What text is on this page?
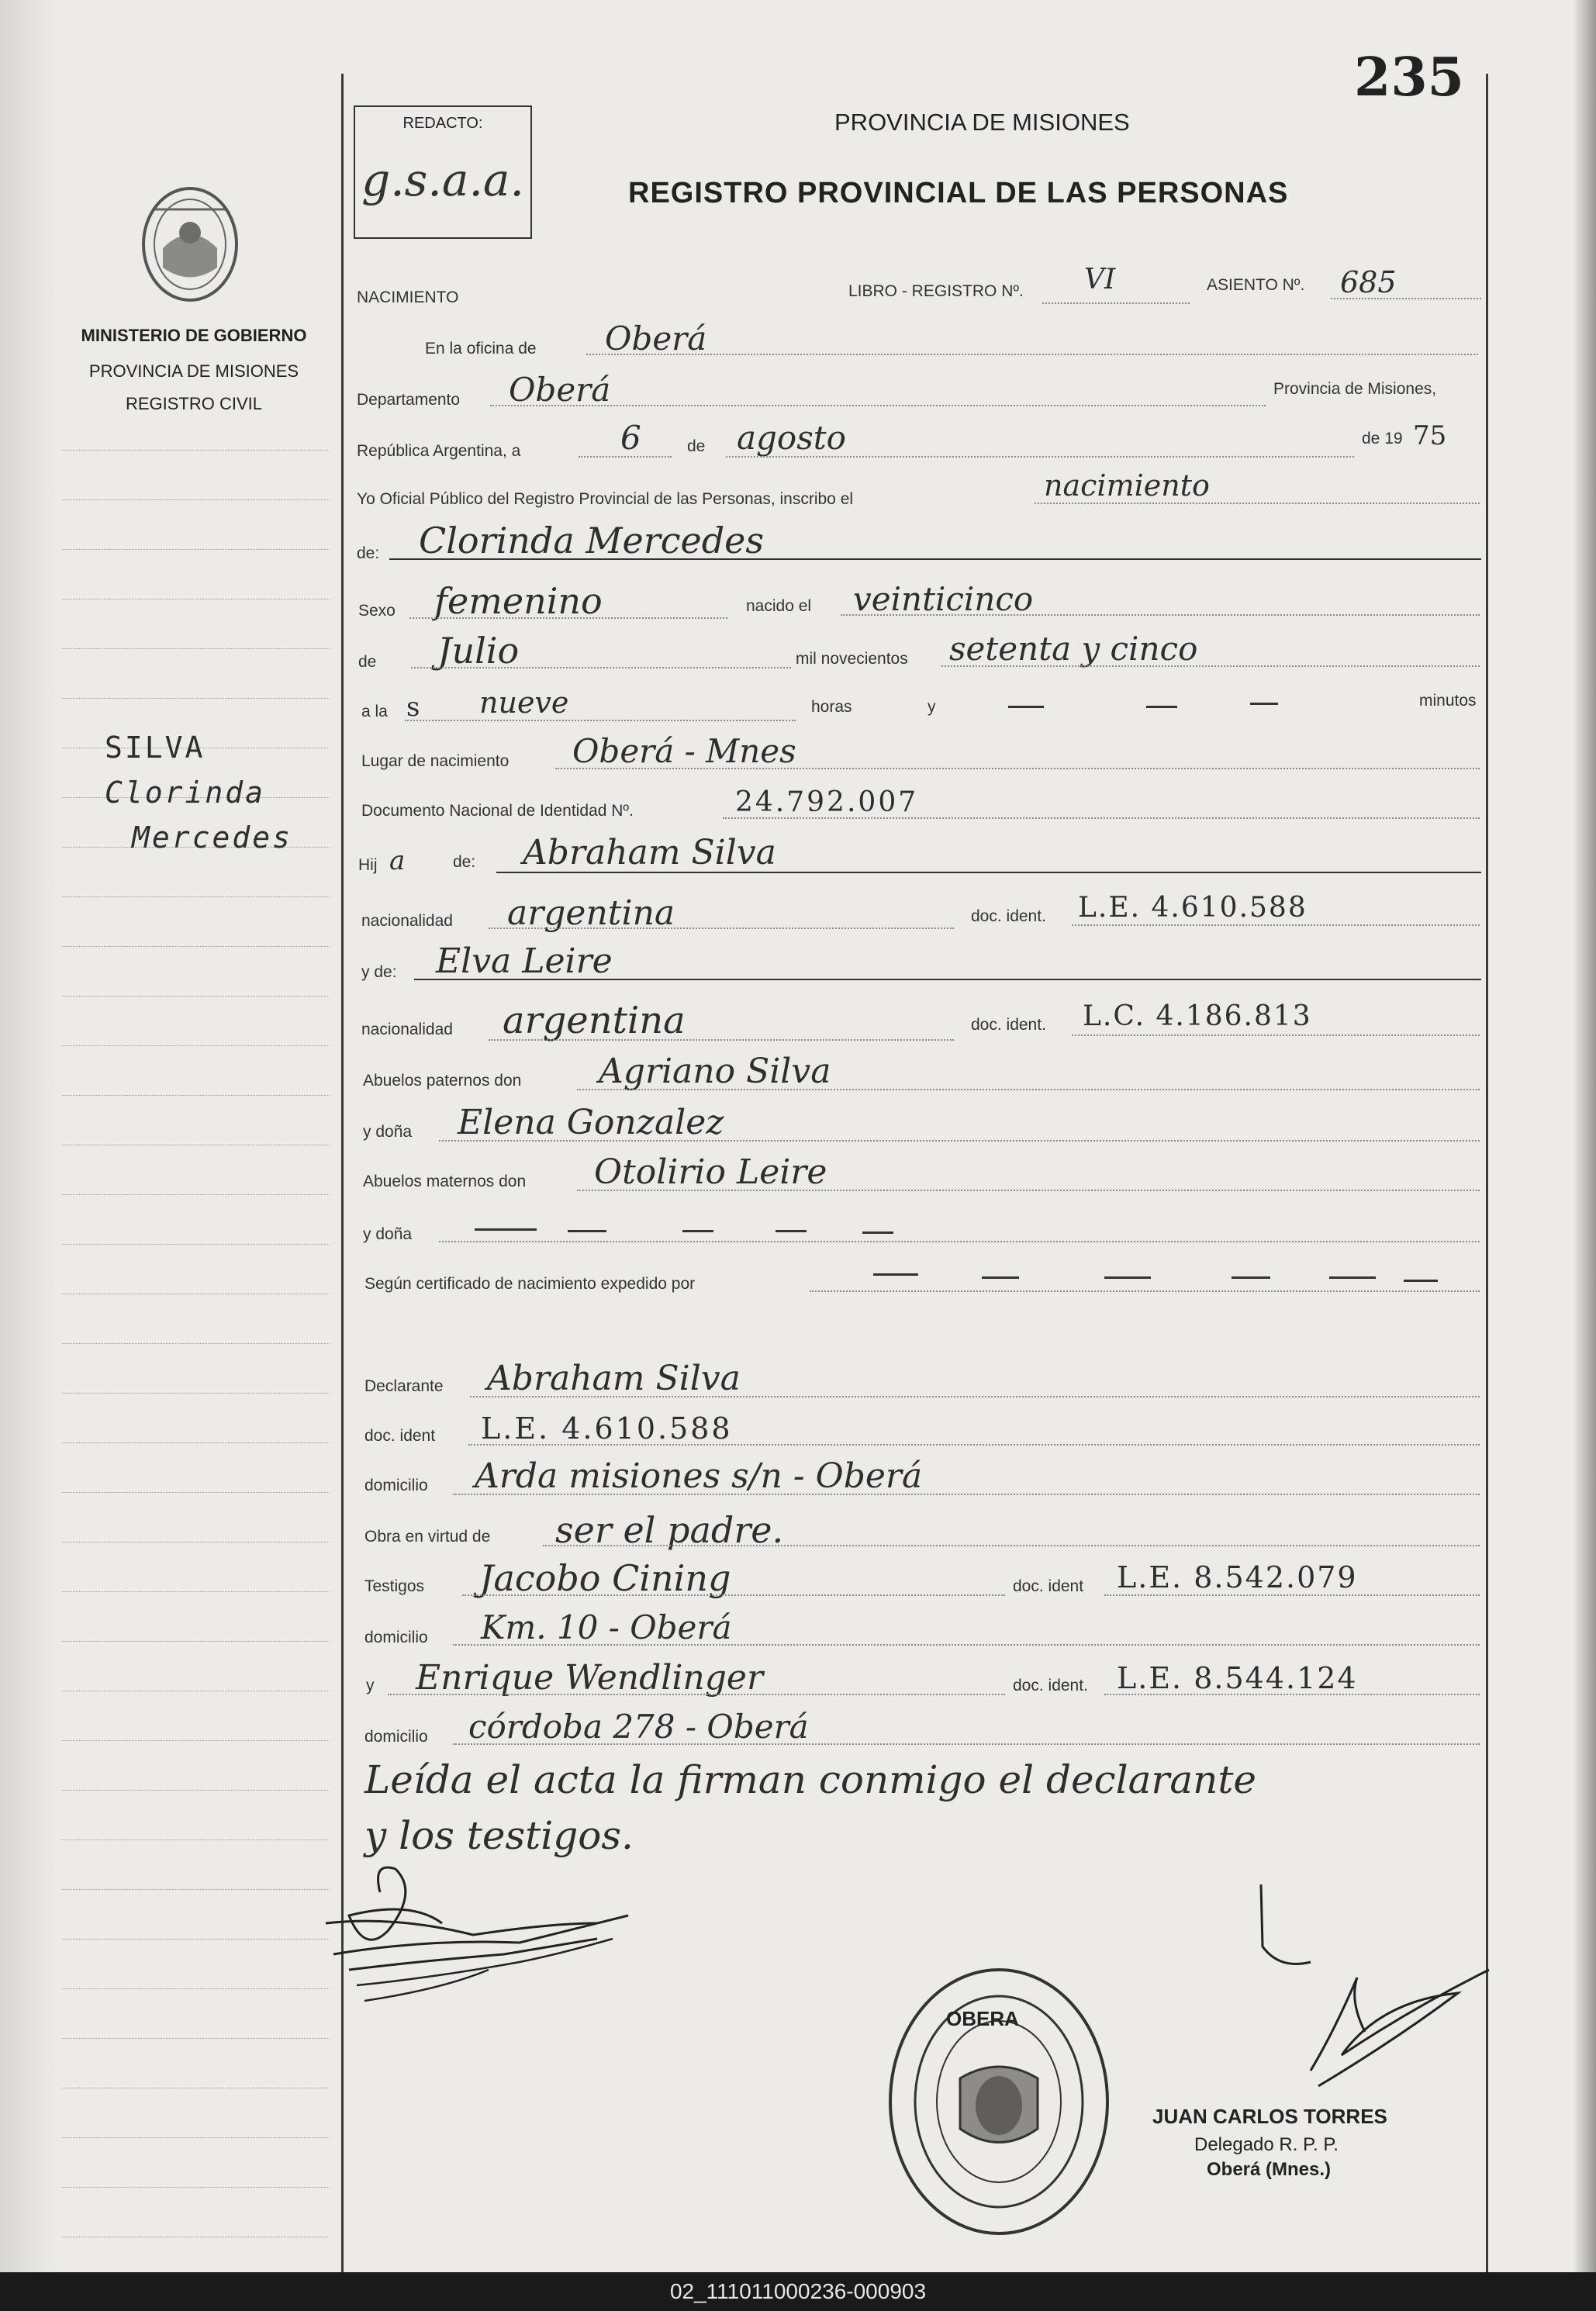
REDACTO:
g.s.a.a.
PROVINCIA DE MISIONES
REGISTRO PROVINCIAL DE LAS PERSONAS
235
MINISTERIO DE GOBIERNO
PROVINCIA DE MISIONES
REGISTRO CIVIL
SILVA
Clorinda
Mercedes
NACIMIENTO	LIBRO - REGISTRO Nº. VI	ASIENTO Nº. 685
En la oficina de Oberá
Departamento Oberá	Provincia de Misiones,
República Argentina, a	6	de agosto	de 19 75
Yo Oficial Público del Registro Provincial de las Personas, inscribo el	nacimiento
de: Clorinda Mercedes
Sexo femenino	nacido el veinticinco
de Julio	mil novecientos setenta y cinco
a la s nueve	horas	y	minutos
Lugar de nacimiento Oberá - Mnes
Documento Nacional de Identidad Nº.	24.792.007
Hij a	de: Abraham Silva
nacionalidad argentina	doc. ident. L.E. 4.610.588
y de: Elva Leire
nacionalidad argentina	doc. ident. L.C. 4.186.813
Abuelos paternos don Agriano Silva
y doña Elena Gonzalez
Abuelos maternos don Otolirio Leire
y doña
Según certificado de nacimiento expedido por
Declarante Abraham Silva
doc. ident L.E. 4.610.588
domicilio Arda misiones s/n - Oberá
Obra en virtud de ser el padre.
Testigos Jacobo Cining	doc. ident L.E. 8.542.079
domicilio Km. 10 - Oberá
y Enrique Wendlinger	doc. ident. L.E. 8.544.124
domicilio córdoba 278 - Oberá
Leída el acta la firman conmigo el declarante
y los testigos.
OBERA
JUAN CARLOS TORRES
Delegado R. P. P.
Oberá (Mnes.)
02_111011000236-000903
